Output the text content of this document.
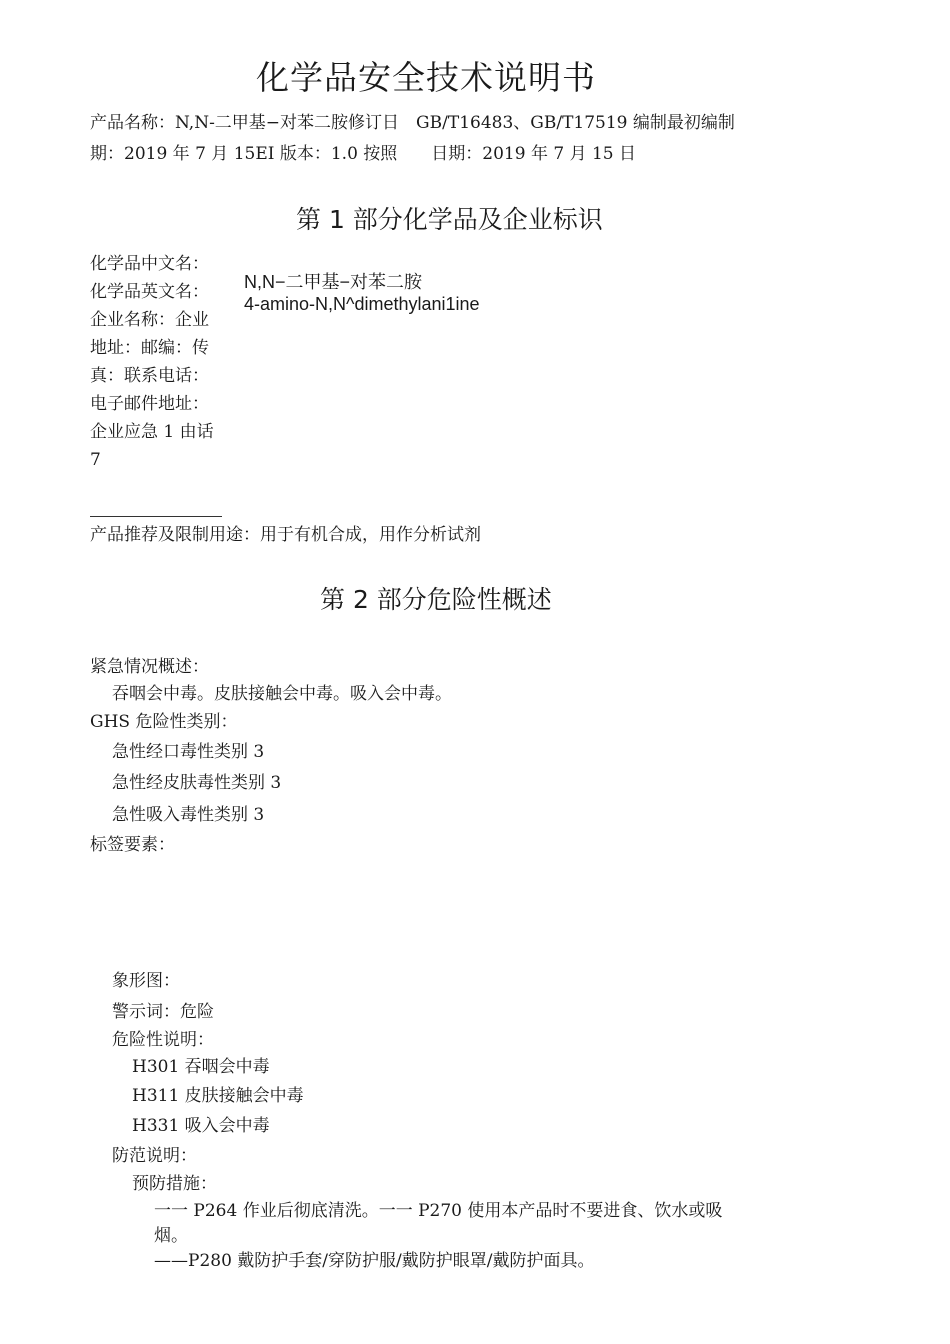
化学品安全技术说明书
产品名称：N,N-二甲基−对苯二胺修订日　GB/T16483、GB/T17519 编制最初编制
期：2019 年 7 月 15EI 版本：1.0 按照　　日期：2019 年 7 月 15 日
第 1 部分化学品及企业标识
化学品中文名：化学品英文名：企业名称：企业地址：邮编：传真：联系电话：电子邮件地址：企业应急 1 由话 7
N,N−二甲基−对苯二胺
4-amino-N,N^dimethylani1ine
产品推荐及限制用途：用于有机合成，用作分析试剂
第 2 部分危险性概述
紧急情况概述：
吞咽会中毒。皮肤接触会中毒。吸入会中毒。
GHS 危险性类别：
急性经口毒性类别 3
急性经皮肤毒性类别 3
急性吸入毒性类别 3
标签要素：
象形图：
警示词：危险
危险性说明：
H301 吞咽会中毒
H311 皮肤接触会中毒
H331 吸入会中毒
防范说明：
预防措施：
一一 P264 作业后彻底清洗。一一 P270 使用本产品时不要进食、饮水或吸
烟。
——P280 戴防护手套/穿防护服/戴防护眼罩/戴防护面具。
